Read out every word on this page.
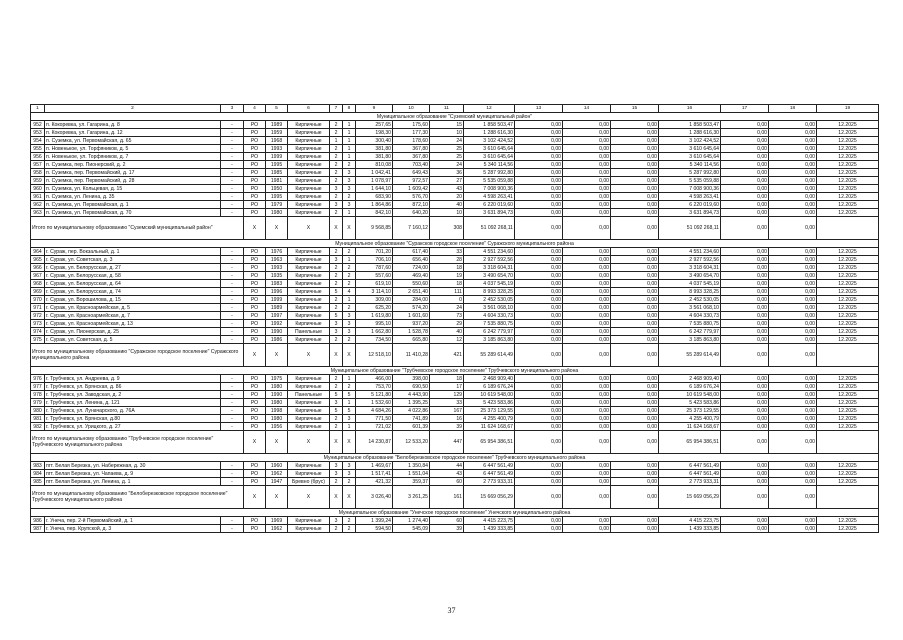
1	2	3	4	5	6	7	8	9	10	11	12	13	14	15	16	17	18	19
Муниципальное образование "Суземский муниципальный район"																		
952	п. Кокоревка, ул. Гагарина, д. 8	-	РО	1989	Кирпичные	2	1	257,65	175,60	15	1 858 503,47	0,00	0,00	0,00	1 858 503,47	0,00	0,00	12.2025
953	п. Кокоревка, ул. Гагарина, д. 12	-	РО	1959	Кирпичные	2	1	198,30	177,30	10	1 288 616,30	0,00	0,00	0,00	1 288 616,30	0,00	0,00	12.2025
954	п. Суземка, ул. Первомайская, д. 65	-	РО	1968	Кирпичные	1	1	300,40	178,60	24	3 102 424,52	0,00	0,00	0,00	3 102 424,52	0,00	0,00	12.2025
955	п. Новенькое, ул. Торфяников, д. 5	-	РО	1993	Кирпичные	2	1	381,80	367,80	25	3 610 645,64	0,00	0,00	0,00	3 610 645,64	0,00	0,00	12.2025
956	п. Новенькое, ул. Торфяников, д. 7	-	РО	1999	Кирпичные	2	1	381,80	367,80	25	3 610 645,64	0,00	0,00	0,00	3 610 645,64	0,00	0,00	12.2025
957	п. Суземка, пер. Пионерский, д. 2	-	РО	1995	Кирпичные	2	2	810,08	703,40	24	5 340 114,56	0,00	0,00	0,00	5 340 114,56	0,00	0,00	12.2025
958	п. Суземка, пер. Первомайский, д. 17	-	РО	1985	Кирпичные	2	3	1 042,41	649,43	36	5 287 992,80	0,00	0,00	0,00	5 287 992,80	0,00	0,00	12.2025
959	п. Суземка, пер. Первомайский, д. 28	-	РО	1981	Кирпичные	2	3	1 078,97	972,57	27	5 535 059,88	0,00	0,00	0,00	5 535 059,88	0,00	0,00	12.2025
960	п. Суземка, ул. Кольцевая, д. 15	-	РО	1950	Кирпичные	3	3	1 644,10	1 609,42	43	7 008 900,36	0,00	0,00	0,00	7 008 900,36	0,00	0,00	12.2025
961	п. Суземка, ул. Ленина, д. 35	-	РО	1995	Кирпичные	2	2	683,90	576,70	20	4 598 263,41	0,00	0,00	0,00	4 598 263,41	0,00	0,00	12.2025
962	п. Суземка, ул. Первомайская, д. 1	-	РО	1979	Кирпичные	3	3	1 864,86	872,10	40	6 220 019,60	0,00	0,00	0,00	6 220 019,60	0,00	0,00	12.2025
963	п. Суземка, ул. Первомайская, д. 70	-	РО	1980	Кирпичные	2	1	842,10	640,20	10	3 631 894,73	0,00	0,00	0,00	3 631 894,73	0,00	0,00	12.2025
Итого по муниципальному образованию "Суземский муниципальный район"			X	X	X	X	X	9 568,85	7 160,12	308	51 092 268,11	0,00	0,00	0,00	51 092 268,11	0,00	0,00	
Муниципальное образование "Сураксков городское поселение" Суражского муниципального района																		
964	г. Сураж, пер. Вокзальный, д. 1	-	РО	1976	Кирпичные	2	2	701,20	617,40	33	4 551 234,60	0,00	0,00	0,00	4 551 234,60	0,00	0,00	12.2025
965	г. Сураж, ул. Советская, д. 3	-	РО	1963	Кирпичные	3	1	706,10	656,40	28	2 927 592,56	0,00	0,00	0,00	2 927 592,56	0,00	0,00	12.2025
966	г. Сураж, ул. Белорусская, д. 27	-	РО	1993	Кирпичные	2	2	787,60	724,00	18	3 318 604,31	0,00	0,00	0,00	3 318 604,31	0,00	0,00	12.2025
967	г. Сураж, ул. Белорусская, д. 58	-	РО	1935	Кирпичные	2	2	557,60	469,40	19	3 490 654,70	0,00	0,00	0,00	3 490 654,70	0,00	0,00	12.2025
968	г. Сураж, ул. Белорусская, д. 64	-	РО	1983	Кирпичные	2	2	619,10	550,60	18	4 037 545,19	0,00	0,00	0,00	4 037 545,19	0,00	0,00	12.2025
969	г. Сураж, ул. Белорусская, д. 74	-	РО	1996	Кирпичные	5	4	3 114,10	2 651,40	111	8 993 328,25	0,00	0,00	0,00	8 993 328,25	0,00	0,00	12.2025
970	г. Сураж, ул. Ворошилова, д. 15	-	РО	1999	Кирпичные	2	1	309,00	284,00	0	2 452 530,05	0,00	0,00	0,00	2 452 530,05	0,00	0,00	12.2025
971	г. Сураж, ул. Красноармейская, д. 5	-	РО	1989	Кирпичные	2	2	625,20	574,20	24	3 561 068,10	0,00	0,00	0,00	3 561 068,10	0,00	0,00	12.2025
972	г. Сураж, ул. Красноармейская, д. 7	-	РО	1997	Кирпичные	5	3	1 619,80	1 601,60	73	4 604 330,73	0,00	0,00	0,00	4 604 330,73	0,00	0,00	12.2025
973	г. Сураж, ул. Красноармейская, д. 13	-	РО	1992	Кирпичные	3	3	995,10	937,20	29	7 535 880,75	0,00	0,00	0,00	7 535 880,75	0,00	0,00	12.2025
974	г. Сураж, ул. Пионерская, д. 25	-	РО	1990	Панельные	3	3	1 662,80	1 528,78	40	6 242 779,97	0,00	0,00	0,00	6 242 779,97	0,00	0,00	12.2025
975	г. Сураж, ул. Советская, д. 5	-	РО	1986	Кирпичные	2	2	734,50	665,80	12	3 185 863,80	0,00	0,00	0,00	3 185 863,80	0,00	0,00	12.2025
Итого по муниципальному образованию "Суражское городское поселение" Суражского муниципального района			X	X	X	X	X	12 518,10	11 410,28	421	55 289 614,49	0,00	0,00	0,00	55 289 614,49	0,00	0,00	
Муниципальное образование "Трубчевское городское поселение" Трубчевского муниципального района																		
976	г. Трубчевск, ул. Андреева, д. 9	-	РО	1975	Кирпичные	2	1	466,00	398,00	18	2 468 909,40	0,00	0,00	0,00	2 468 909,40	0,00	0,00	12.2025
977	г. Трубчевск, ул. Брянская, д. 86	-	РО	1980	Кирпичные	2	2	753,70	690,50	17	6 189 676,24	0,00	0,00	0,00	6 189 676,24	0,00	0,00	12.2025
978	г. Трубчевск, ул. Заводская, д. 2	-	РО	1990	Панельные	5	5	5 121,80	4 443,90	129	10 619 548,00	0,00	0,00	0,00	10 619 548,00	0,00	0,00	12.2025
979	г. Трубчевск, ул. Ленина, д. 121	-	РО	1980	Кирпичные	3	1	1 532,60	1 395,25	33	5 423 583,86	0,00	0,00	0,00	5 423 583,86	0,00	0,00	12.2025
980	г. Трубчевск, ул. Луначарского, д. 76А	-	РО	1998	Кирпичные	5	5	4 684,26	4 022,86	167	25 373 129,55	0,00	0,00	0,00	25 373 129,55	0,00	0,00	12.2025
981	г. Трубчевск, ул. Брянская, д.80	-	РО	1980	Кирпичные	2	3	771,50	741,89	16	4 255 400,79	0,00	0,00	0,00	4 255 400,79	0,00	0,00	12.2025
982	г. Трубчевск, ул. Урицкого, д. 27	-	РО	1956	Кирпичные	2	1	721,02	601,39	39	11 624 168,67	0,00	0,00	0,00	11 624 168,67	0,00	0,00	12.2025
Итого по муниципальному образованию "Трубчевское городское поселение" Трубчевского муниципального района			X	X	X	X	X	14 230,87	12 533,20	447	65 954 386,51	0,00	0,00	0,00	65 954 386,51	0,00	0,00	
Муниципальное образование "Белоберезковское городское поселение" Трубчевского муниципального района																		
983	пгт. Белая Березка, ул. Набережная, д. 30	-	РО	1960	Кирпичные	3	3	1 469,67	1 350,84	44	6 447 561,49	0,00	0,00	0,00	6 447 561,49	0,00	0,00	12.2025
984	пгт. Белая Березка, ул. Чапаева, д. 9	-	РО	1962	Кирпичные	3	3	1 517,41	1 551,04	43	6 447 561,49	0,00	0,00	0,00	6 447 561,49	0,00	0,00	12.2025
985	пгт. Белая Березка, ул. Ленина, д. 1	-	РО	1947	Бревно (брус)	2	2	421,32	359,37	60	2 773 933,31	0,00	0,00	0,00	2 773 933,31	0,00	0,00	12.2025
Итого по муниципальному образованию "Белоберезковское городское поселение" Трубчевского муниципального района			X	X	X	X	X	3 026,40	3 261,25	161	15 669 056,29	0,00	0,00	0,00	15 669 056,29	0,00	0,00	
Муниципальное образование "Унечское городское поселение" Унечского муниципального района																		
986	г. Унеча, пер. 2-й Первомайский, д. 1	-	РО	1969	Кирпичные	3	2	1 399,24	1 274,40	60	4 415 223,75	0,00	0,00	0,00	4 415 223,75	0,00	0,00	12.2025
987	г. Унеча, пер. Крупской, д. 3	-	РО	1962	Кирпичные	2	2	594,50	545,09	39	1 439 333,85	0,00	0,00	0,00	1 439 333,85	0,00	0,00	12.2025
37
